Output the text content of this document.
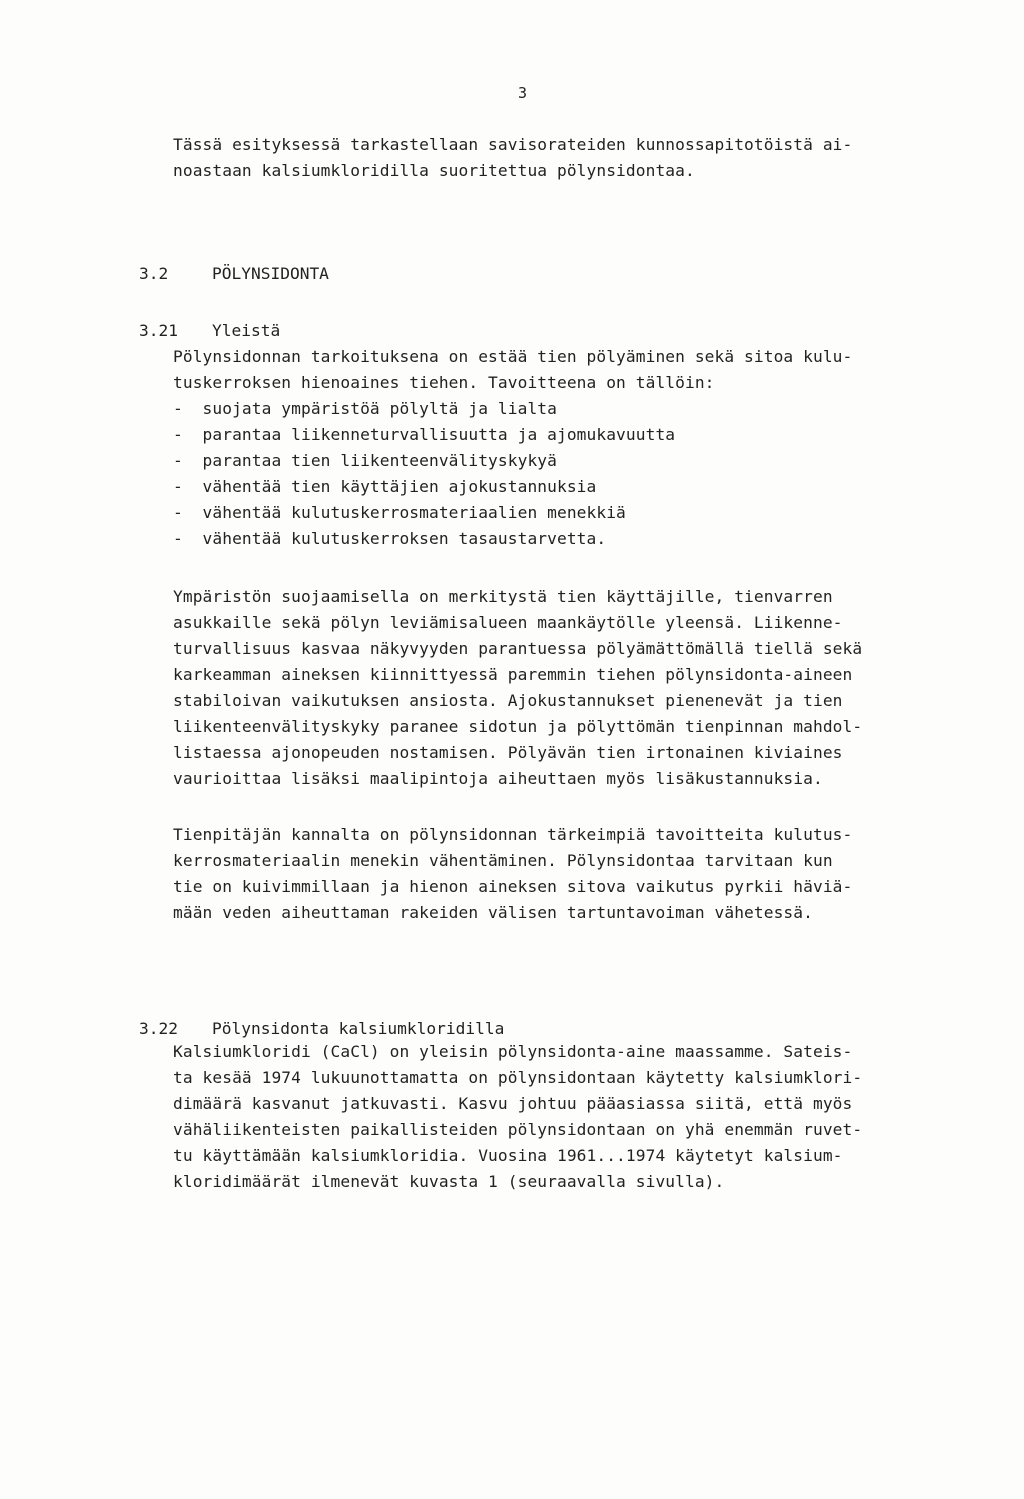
3
Tässä esityksessä tarkastellaan savisorateiden kunnossapitotöistä ai-
noastaan kalsiumkloridilla suoritettua pölynsidontaa.

3.2	PÖLYNSIDONTA

3.21 Yleistä

Pölynsidonnan tarkoituksena on estää tien pölyäminen sekä sitoa kulu-
tuskerroksen hienoaines tiehen. Tavoitteena on tällöin:
-  suojata ympäristöä pölyltä ja lialta
-  parantaa liikenneturvallisuutta ja ajomukavuutta
-  parantaa tien liikenteenvälityskykyä
-  vähentää tien käyttäjien ajokustannuksia
-  vähentää kulutuskerrosmateriaalien menekkiä
-  vähentää kulutuskerroksen tasaustarvetta.
Ympäristön suojaamisella on merkitystä tien käyttäjille, tienvarren
asukkaille sekä pölyn leviämisalueen maankäytölle yleensä. Liikenne-
turvallisuus kasvaa näkyvyyden parantuessa pölyämättömällä tiellä sekä
karkeamman aineksen kiinnittyessä paremmin tiehen pölynsidonta-aineen
stabiloivan vaikutuksen ansiosta. Ajokustannukset pienenevät ja tien
liikenteenvälityskyky paranee sidotun ja pölyttömän tienpinnan mahdol-
listaessa ajonopeuden nostamisen. Pölyävän tien irtonainen kiviaines
vaurioittaa lisäksi maalipintoja aiheuttaen myös lisäkustannuksia.
Tienpitäjän kannalta on pölynsidonnan tärkeimpiä tavoitteita kulutus-
kerrosmateriaalin menekin vähentäminen. Pölynsidontaa tarvitaan kun
tie on kuivimmillaan ja hienon aineksen sitova vaikutus pyrkii häviä-
mään veden aiheuttaman rakeiden välisen tartuntavoiman vähetessä.

3.22 Pölynsidonta kalsiumkloridilla

Kalsiumkloridi (CaCl) on yleisin pölynsidonta-aine maassamme. Sateis-
ta kesää 1974 lukuunottamatta on pölynsidontaan käytetty kalsiumklori-
dimäärä kasvanut jatkuvasti. Kasvu johtuu pääasiassa siitä, että myös
vähäliikenteisten paikallisteiden pölynsidontaan on yhä enemmän ruvet-
tu käyttämään kalsiumkloridia. Vuosina 1961...1974 käytetyt kalsium-
kloridimäärät ilmenevät kuvasta 1 (seuraavalla sivulla).
